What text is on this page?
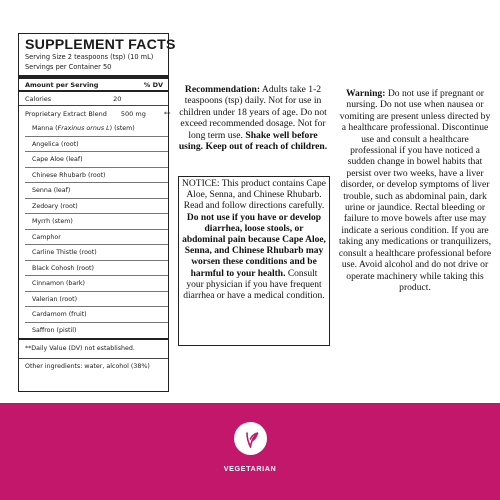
SUPPLEMENT FACTS
Serving Size 2 teaspoons (tsp) (10 mL)
Servings per Container 50
Amount per Serving	% DV
Calories	20
Proprietary Extract Blend 500 mg	**
Manna (Fraxinus ornus L) (stem)
Angelica (root)
Cape Aloe (leaf)
Chinese Rhubarb (root)
Senna (leaf)
Zedoary (root)
Myrrh (stem)
Camphor
Carline Thistle (root)
Black Cohosh (root)
Cinnamon (bark)
Valerian (root)
Cardamom (fruit)
Saffron (pistil)
**Daily Value (DV) not established.
Other ingredients: water, alcohol (38%)
Recommendation: Adults take 1-2 teaspoons (tsp) daily. Not for use in children under 18 years of age. Do not exceed recommended dosage. Not for long term use. Shake well before using. Keep out of reach of children.
NOTICE: This product contains Cape Aloe, Senna, and Chinese Rhubarb. Read and follow directions carefully. Do not use if you have or develop diarrhea, loose stools, or abdominal pain because Cape Aloe, Senna, and Chinese Rhubarb may worsen these conditions and be harmful to your health. Consult your physician if you have frequent diarrhea or have a medical condition.
Warning: Do not use if pregnant or nursing. Do not use when nausea or vomiting are present unless directed by a healthcare professional. Discontinue use and consult a healthcare professional if you have noticed a sudden change in bowel habits that persist over two weeks, have a liver disorder, or develop symptoms of liver trouble, such as abdominal pain, dark urine or jaundice. Rectal bleeding or failure to move bowels after use may indicate a serious condition. If you are taking any medications or tranquilizers, consult a healthcare professional before use. Avoid alcohol and do not drive or operate machinery while taking this product.
VEGETARIAN
